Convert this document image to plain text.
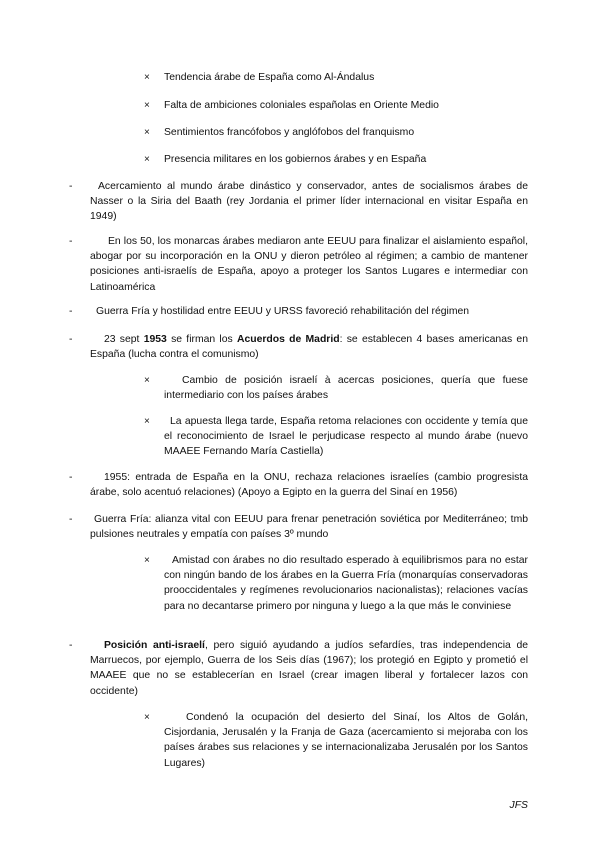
× Tendencia árabe de España como Al-Ándalus
× Falta de ambiciones coloniales españolas en Oriente Medio
× Sentimientos francófobos y anglófobos del franquismo
× Presencia militares en los gobiernos árabes y en España
-	Acercamiento al mundo árabe dinástico y conservador, antes de socialismos árabes de Nasser o la Siria del Baath (rey Jordania el primer líder internacional en visitar España en 1949)
-	En los 50, los monarcas árabes mediaron ante EEUU para finalizar el aislamiento español, abogar por su incorporación en la ONU y dieron petróleo al régimen; a cambio de mantener posiciones anti-israelís de España, apoyo a proteger los Santos Lugares e intermediar con Latinoamérica
- Guerra Fría y hostilidad entre EEUU y URSS favoreció rehabilitación del régimen
-	23 sept 1953 se firman los Acuerdos de Madrid: se establecen 4 bases americanas en España (lucha contra el comunismo)
×	Cambio de posición israelí à acercas posiciones, quería que fuese intermediario con los países árabes
×	La apuesta llega tarde, España retoma relaciones con occidente y temía que el reconocimiento de Israel le perjudicase respecto al mundo árabe (nuevo MAAEE Fernando María Castiella)
-	1955: entrada de España en la ONU, rechaza relaciones israelíes (cambio progresista árabe, solo acentuó relaciones) (Apoyo a Egipto en la guerra del Sinaí en 1956)
-	Guerra Fría: alianza vital con EEUU para frenar penetración soviética por Mediterráneo; tmb pulsiones neutrales y empatía con países 3º mundo
×	Amistad con árabes no dio resultado esperado à equilibrismos para no estar con ningún bando de los árabes en la Guerra Fría (monarquías conservadoras prooccidentales y regímenes revolucionarios nacionalistas); relaciones vacías para no decantarse primero por ninguna y luego a la que más le conviniese
-	Posición anti-israelí, pero siguió ayudando a judíos sefardíes, tras independencia de Marruecos, por ejemplo, Guerra de los Seis días (1967); los protegió en Egipto y prometió el MAAEE que no se establecerían en Israel (crear imagen liberal y fortalecer lazos con occidente)
×	Condenó la ocupación del desierto del Sinaí, los Altos de Golán, Cisjordania, Jerusalén y la Franja de Gaza (acercamiento si mejoraba con los países árabes sus relaciones y se internacionalizaba Jerusalén por los Santos Lugares)
JFS
